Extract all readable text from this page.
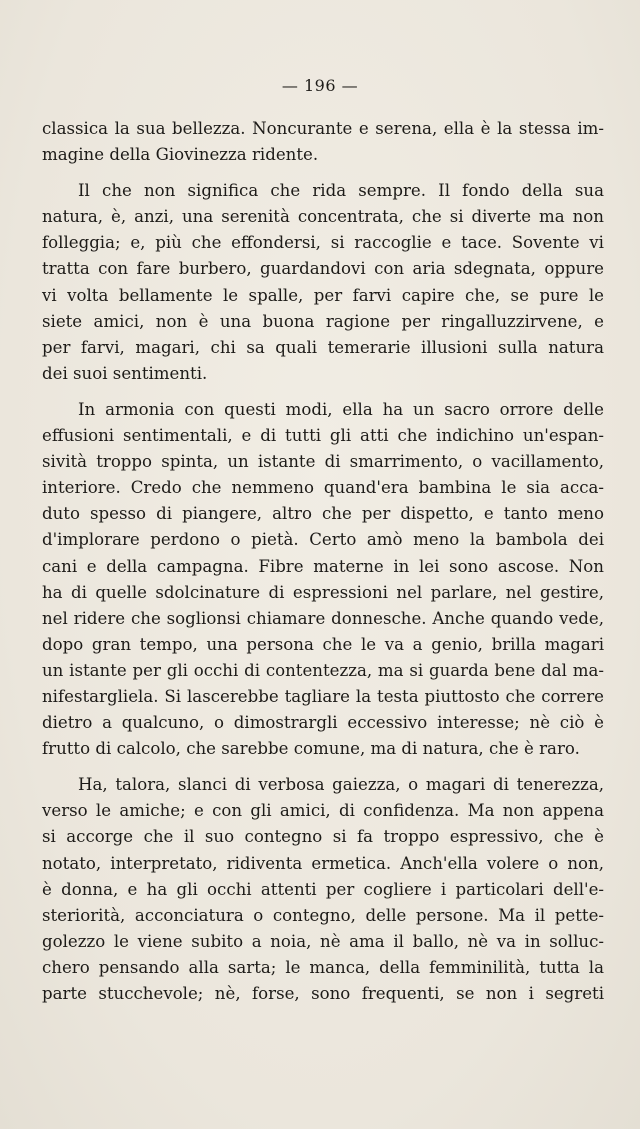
— 196 —
classica la sua bellezza. Noncurante e serena, ella è la stessa im-
magine della Giovinezza ridente.
Il che non significa che rida sempre. Il fondo della sua
natura, è, anzi, una serenità concentrata, che si diverte ma non
folleggia; e, più che effondersi, si raccoglie e tace. Sovente vi
tratta con fare burbero, guardandovi con aria sdegnata, oppure
vi volta bellamente le spalle, per farvi capire che, se pure le
siete amici, non è una buona ragione per ringalluzzirvene, e
per farvi, magari, chi sa quali temerarie illusioni sulla natura
dei suoi sentimenti.
In armonia con questi modi, ella ha un sacro orrore delle
effusioni sentimentali, e di tutti gli atti che indichino un'espan-
sività troppo spinta, un istante di smarrimento, o vacillamento,
interiore. Credo che nemmeno quand'era bambina le sia acca-
duto spesso di piangere, altro che per dispetto, e tanto meno
d'implorare perdono o pietà. Certo amò meno la bambola dei
cani e della campagna. Fibre materne in lei sono ascose. Non
ha di quelle sdolcinature di espressioni nel parlare, nel gestire,
nel ridere che soglionsi chiamare donnesche. Anche quando vede,
dopo gran tempo, una persona che le va a genio, brilla magari
un istante per gli occhi di contentezza, ma si guarda bene dal ma-
nifestargliela. Si lascerebbe tagliare la testa piuttosto che correre
dietro a qualcuno, o dimostrargli eccessivo interesse; nè ciò è
frutto di calcolo, che sarebbe comune, ma di natura, che è raro.
Ha, talora, slanci di verbosa gaiezza, o magari di tenerezza,
verso le amiche; e con gli amici, di confidenza. Ma non appena
si accorge che il suo contegno si fa troppo espressivo, che è
notato, interpretato, ridiventa ermetica. Anch'ella volere o non,
è donna, e ha gli occhi attenti per cogliere i particolari dell'e-
steriorità, acconciatura o contegno, delle persone. Ma il pette-
golezzo le viene subito a noia, nè ama il ballo, nè va in solluc-
chero pensando alla sarta; le manca, della femminilità, tutta la
parte stucchevole; nè, forse, sono frequenti, se non i segreti
